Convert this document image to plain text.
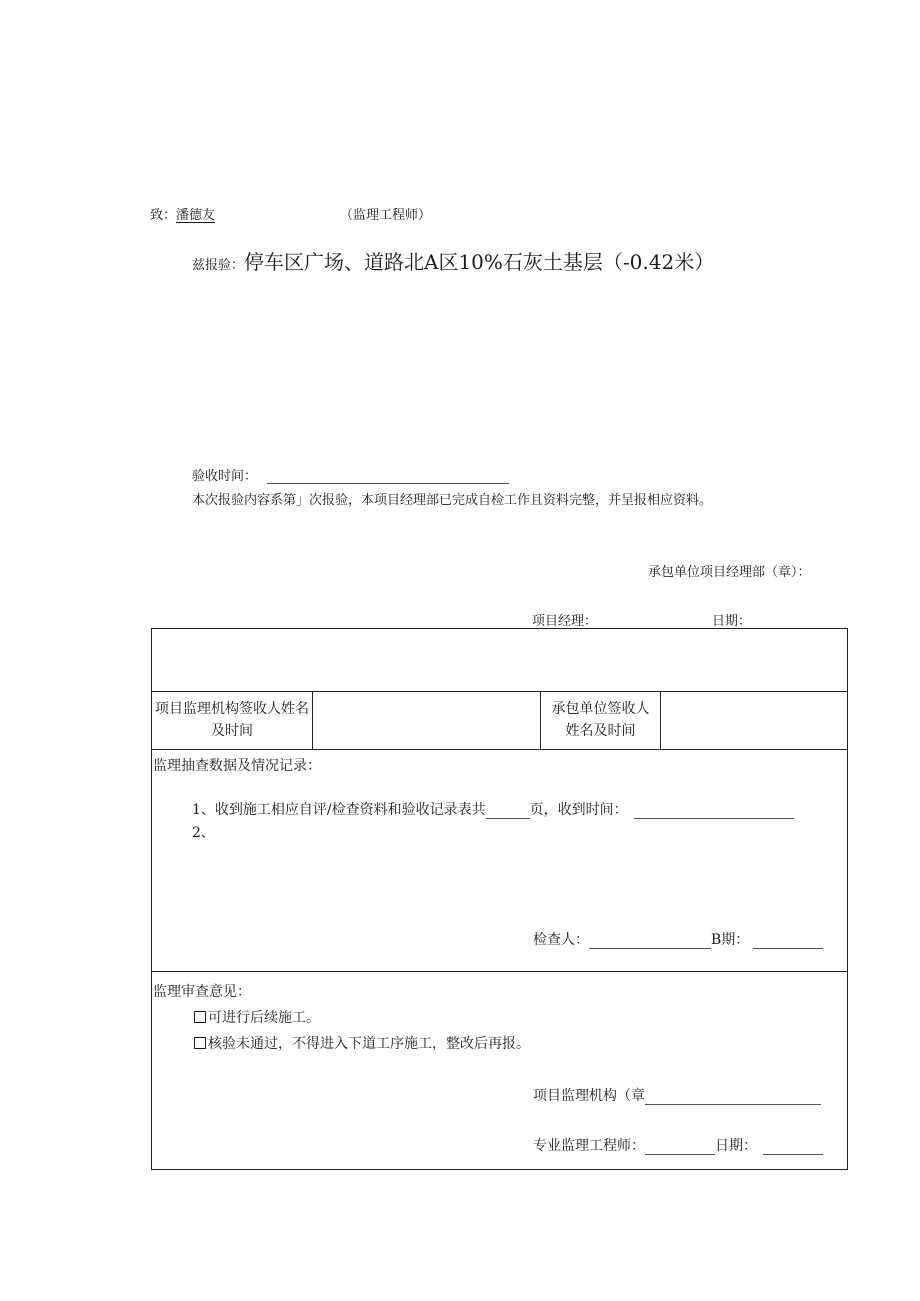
致：潘德友	（监理工程师）
兹报验：停车区广场、道路北A区10%石灰土基层（-0.42米）
验收时间：
本次报验内容系第」次报验，本项目经理部已完成自检工作且资料完整，并呈报相应资料。
承包单位项目经理部（章）：
项目经理：	日期：
项目监理机构签收人姓名及时间
承包单位签收人姓名及时间
监理抽查数据及情况记录：
1、收到施工相应自评/检查资料和验收记录表共	页，收到时间：
2、
检查人：	B期：
监理审查意见：
可进行后续施工。
核验未通过，不得进入下道工序施工，整改后再报。
项目监理机构（章
专业监理工程师：	日期：
